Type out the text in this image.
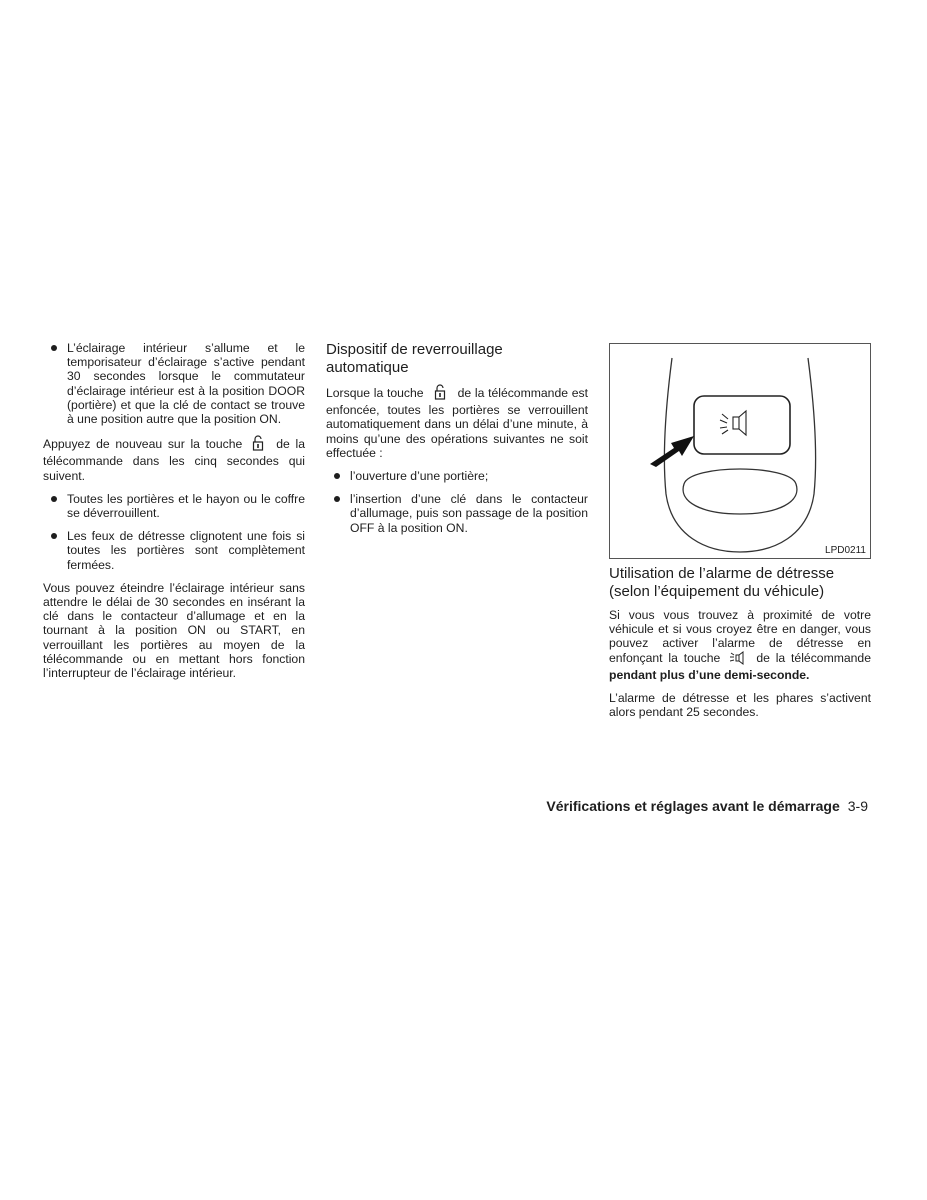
L’éclairage intérieur s’allume et le temporisateur d’éclairage s’active pendant 30 secondes lorsque le commutateur d’éclairage intérieur est à la position DOOR (portière) et que la clé de contact se trouve à une position autre que la position ON.

Appuyez de nouveau sur la touche	de la télécommande dans les cinq secondes qui suivent.

Toutes les portières et le hayon ou le coffre se déverrouillent.
Les feux de détresse clignotent une fois si toutes les portières sont complètement fermées.

Vous pouvez éteindre l’éclairage intérieur sans attendre le délai de 30 secondes en insérant la clé dans le contacteur d’allumage et en la tournant à la position ON ou START, en verrouillant les portières au moyen de la télécommande ou en mettant hors fonction l’interrupteur de l’éclairage intérieur.

Dispositif de reverrouillage automatique

Lorsque la touche	de la télécommande est enfoncée, toutes les portières se verrouillent automatiquement dans un délai d’une minute, à moins qu’une des opérations suivantes ne soit effectuée :

l’ouverture d’une portière;
l’insertion d’une clé dans le contacteur d’allumage, puis son passage de la position OFF à la position ON.
LPD0211
Utilisation de l’alarme de détresse (selon l’équipement du véhicule)

Si vous vous trouvez à proximité de votre véhicule et si vous croyez être en danger, vous pouvez activer l’alarme de détresse en enfonçant la touche	de la télécommande pendant plus d’une demi-seconde.

L’alarme de détresse et les phares s’activent alors pendant 25 secondes.

Vérifications et réglages avant le démarrage 3-9
